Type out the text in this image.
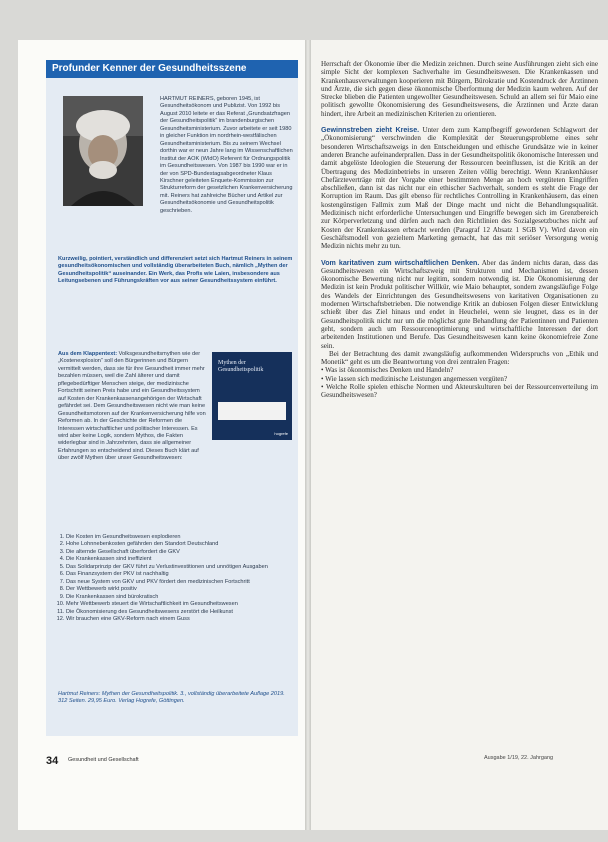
Profunder Kenner der Gesundheitsszene

HARTMUT REINERS, geboren 1945, ist Gesundheitsökonom und Publizist. Von 1992 bis August 2010 leitete er das Referat „Grundsatzfragen der Gesundheitspolitik“ im brandenburgischen Gesundheitsministerium. Zuvor arbeitete er seit 1980 in gleicher Funktion im nordrhein-westfälischen Gesundheitsministerium. Bis zu seinem Wechsel dorthin war er neun Jahre lang im Wissenschaftlichen Institut der AOK (WIdO) Referent für Ordnungspolitik im Gesundheitswesen. Von 1987 bis 1990 war er in der von SPD-Bundestagsabgeordneter Klaus Kirschner geleiteten Enquete-Kommission zur Strukturreform der gesetzlichen Krankenversicherung mit. Reiners hat zahlreiche Bücher und Artikel zur Gesundheitsökonomie und Gesundheitspolitik geschrieben.

Kurzweilig, pointiert, verständlich und differenziert setzt sich Hartmut Reiners in seinem gesundheitsökonomischen und vollständig überarbeiteten Buch, nämlich „Mythen der Gesundheitspolitik“ auseinander. Ein Werk, das Profis wie Laien, insbesondere aus Leitungsebenen und Führungskräften vor aus seiner Gesundheitssystem einführt.

Aus dem Klappentext: Volksgesundheitsmythen wie der „Kostenexplosion“ soll den Bürgerinnen und Bürgern vermittelt werden, dass sie für ihre Gesundheit immer mehr bezahlen müssen, weil die Zahl älterer und damit pflegebedürftiger Menschen steige, der medizinische Fortschritt seinen Preis habe und ein Gesundheitssystem auf Kosten der Krankenkassenangehörigen der Wirtschaft gefährdet sei. Dem Gesundheitswesen nicht wie man keine Gesundheitsmotoren auf der Krankenversicherung hilfe von Reformen ab. In der Geschichte der Reformen die Interessen wirtschaftlicher und politischer Interessen. Es wird aber keine Logik, sondern Mythos, die Fakten widerlegbar sind in Jahrzehnten, dass sie allgemeiner Erfahrungen so entscheidend sind. Dieses Buch klärt auf über zwölf Mythen über unser Gesundheitswesen:

Mythen der Gesundheitspolitik
hogrefe
1. Die Kosten im Gesundheitswesen explodieren
2. Hohe Lohnnebenkosten gefährden den Standort Deutschland
3. Die alternde Gesellschaft überfordert die GKV
4. Die Krankenkassen sind ineffizient
5. Das Solidarprinzip der GKV führt zu Verlustinvestitionen und unnötigen Ausgaben
6. Das Finanzsystem der PKV ist nachhaltig
7. Das neue System von GKV und PKV fördert den medizinischen Fortschritt
8. Der Wettbewerb wirkt positiv
9. Die Krankenkassen sind bürokratisch
10. Mehr Wettbewerb steuert die Wirtschaftlichkeit im Gesundheitswesen
11. Die Ökonomisierung des Gesundheitswesens zerstört die Heilkunst
12. Wir brauchen eine GKV-Reform nach einem Guss

Hartmut Reiners: Mythen der Gesundheitspolitik. 3., vollständig überarbeitete Auflage 2019. 312 Seiten. 29,95 Euro. Verlag Hogrefe, Göttingen.

34 Gesundheit und Gesellschaft	Ausgabe 1/19, 22. Jahrgang

Herrschaft der Ökonomie über die Medizin zeichnen. Durch seine Ausführungen zieht sich eine simple Sicht der komplexen Sachverhalte im Gesundheitswesen. Die Krankenkassen und Krankenhausverwaltungen kooperieren mit Bürgern, Bürokratie und Kostendruck der Ärztinnen und Ärzte, die sich gegen diese ökonomische Überformung der Medizin kaum wehren. Auf der Strecke blieben die Patienten ungewollter Gesundheitswesen. Schuld an allem sei für Maio eine politisch gewollte Ökonomisierung des Gesundheitswesens, die Ärztinnen und Ärzte daran hindert, ihre Arbeit an medizinischen Kriterien zu orientieren.

Gewinnstreben zieht Kreise. Unter dem zum Kampfbegriff gewordenen Schlagwort der „Ökonomisierung“ verschwinden die Komplexität der Steuerungsprobleme eines sehr besonderen Wirtschaftszweigs in den Entscheidungen und ethische Grundsätze wie in keiner anderen Branche aufeinanderprallen. Dass in der Gesundheitspolitik ökonomische Interessen und damit abgelöste Ideologien die Steuerung der Ressourcen beeinflussen, ist die Kritik an der Übertragung des Medizinbetriebs in unseren Zeiten völlig berechtigt. Wenn Krankenhäuser Chefärzteverträge mit der Vorgabe einer bestimmten Menge an hoch vergüteten Eingriffen abschließen, dann ist das nicht nur ein ethischer Sachverhalt, sondern es steht die Frage der Korruption im Raum. Das gilt ebenso für rechtliches Controlling in Krankenhäusern, das einen kostengünstigen Fallmix zum Maß der Dinge macht und nicht die Behandlungsqualität. Medizinisch nicht erforderliche Untersuchungen und Eingriffe bewegen sich im Grenzbereich zur Körperverletzung und dürfen auch nach den Richtlinien des Sozialgesetzbuches nicht auf Kosten der Krankenkassen erbracht werden (Paragraf 12 Absatz 1 SGB V). Wird davon ein Geschäftsmodell von gezieltem Marketing gemacht, hat das mit seriöser Versorgung wenig Medizin nichts mehr zu tun.

Vom karitativen zum wirtschaftlichen Denken. Aber das ändern nichts daran, dass das Gesundheitswesen ein Wirtschaftszweig mit Strukturen und Mechanismen ist, dessen ökonomische Bewertung nicht nur legitim, sondern notwendig ist. Die Ökonomisierung der Medizin ist kein Produkt politischer Willkür, wie Maio behauptet, sondern zwangsläufige Folge des Wandels der Einrichtungen des Gesundheitswesens von karitativen Organisationen zu modernen Wirtschaftsbetrieben. Die notwendige Kritik an dubiosen Folgen dieser Entwicklung schießt über das Ziel hinaus und endet in Heuchelei, wenn sie leugnet, dass es in der Gesundheitspolitik nicht nur um die möglichst gute Behandlung der Patientinnen und Patienten geht, sondern auch um Ressourcenoptimierung und wirtschaftliche Interessen der dort arbeitenden Institutionen und Berufe. Das Gesundheitswesen kann keine ökonomiefreie Zone sein.

Bei der Betrachtung des damit zwangsläufig aufkommenden Widerspruchs von „Ethik und Monetik“ geht es um die Beantwortung von drei zentralen Fragen:

• Was ist ökonomisches Denken und Handeln?
• Wie lassen sich medizinische Leistungen angemessen vergüten?
• Welche Rolle spielen ethische Normen und Akteurskulturen bei der Ressourcenverteilung im Gesundheitswesen?
